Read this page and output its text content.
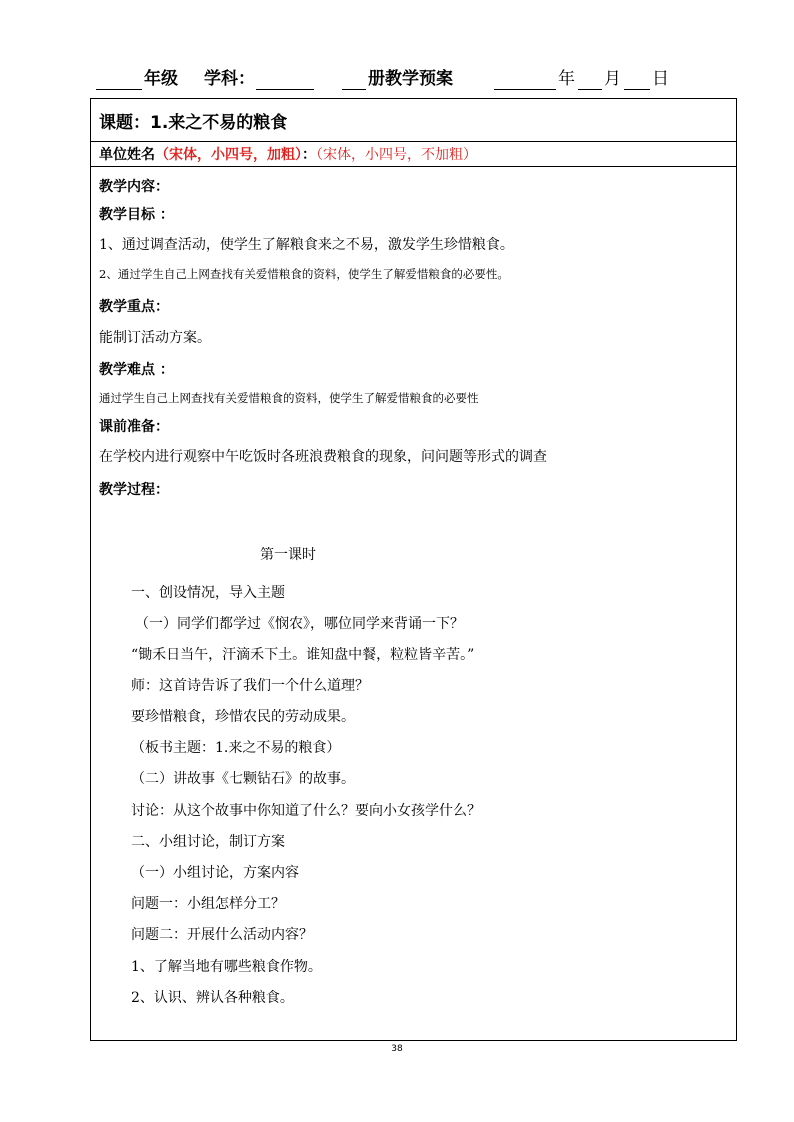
年级 学科：	册教学预案	年 月 日
课题：1.来之不易的粮食
单位姓名（宋体，小四号，加粗）：（宋体，小四号，不加粗）
教学内容：
教学目标 ：
1、通过调查活动，使学生了解粮食来之不易，激发学生珍惜粮食。
2、通过学生自己上网查找有关爱惜粮食的资料，使学生了解爱惜粮食的必要性。
教学重点：
能制订活动方案。
教学难点 ：
通过学生自己上网查找有关爱惜粮食的资料，使学生了解爱惜粮食的必要性
课前准备：
在学校内进行观察中午吃饭时各班浪费粮食的现象，问问题等形式的调查
教学过程：
第一课时
一、创设情况，导入主题
（一）同学们都学过《悯农》，哪位同学来背诵一下？
“锄禾日当午，汗滴禾下土。谁知盘中餐，粒粒皆辛苦。”
师：这首诗告诉了我们一个什么道理？
要珍惜粮食，珍惜农民的劳动成果。
（板书主题：1.来之不易的粮食）
（二）讲故事《七颗钻石》的故事。
讨论：从这个故事中你知道了什么？要向小女孩学什么？
二、小组讨论，制订方案
（一）小组讨论，方案内容
问题一：小组怎样分工？
问题二：开展什么活动内容？
1、了解当地有哪些粮食作物。
2、认识、辨认各种粮食。
38
